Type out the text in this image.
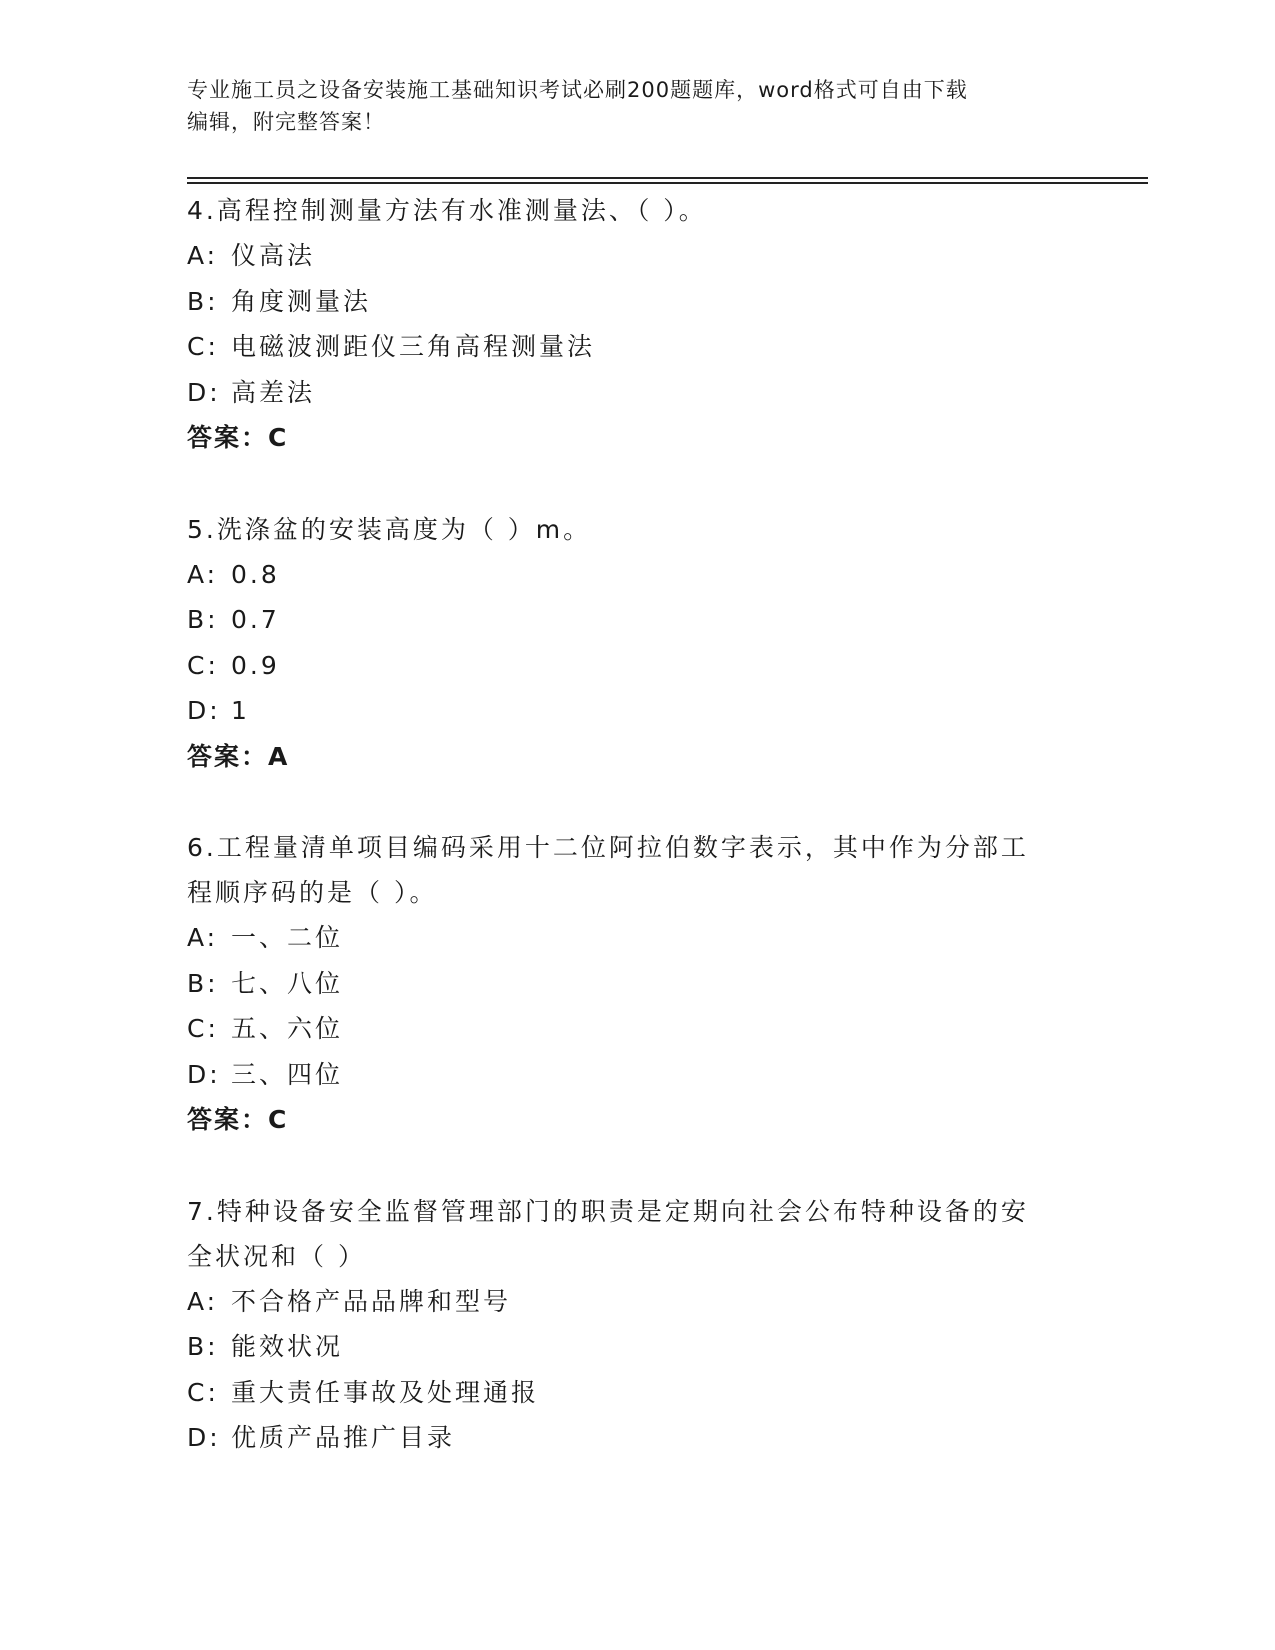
专业施工员之设备安装施工基础知识考试必刷200题题库，word格式可自由下载
编辑，附完整答案！
4.高程控制测量方法有水准测量法、（ ）。
A: 仪高法
B: 角度测量法
C: 电磁波测距仪三角高程测量法
D: 高差法
答案：C
5.洗涤盆的安装高度为（ ）m。
A: 0.8
B: 0.7
C: 0.9
D: 1
答案：A
6.工程量清单项目编码采用十二位阿拉伯数字表示，其中作为分部工
程顺序码的是（ ）。
A: 一、二位
B: 七、八位
C: 五、六位
D: 三、四位
答案：C
7.特种设备安全监督管理部门的职责是定期向社会公布特种设备的安
全状况和（ ）
A: 不合格产品品牌和型号
B: 能效状况
C: 重大责任事故及处理通报
D: 优质产品推广目录
